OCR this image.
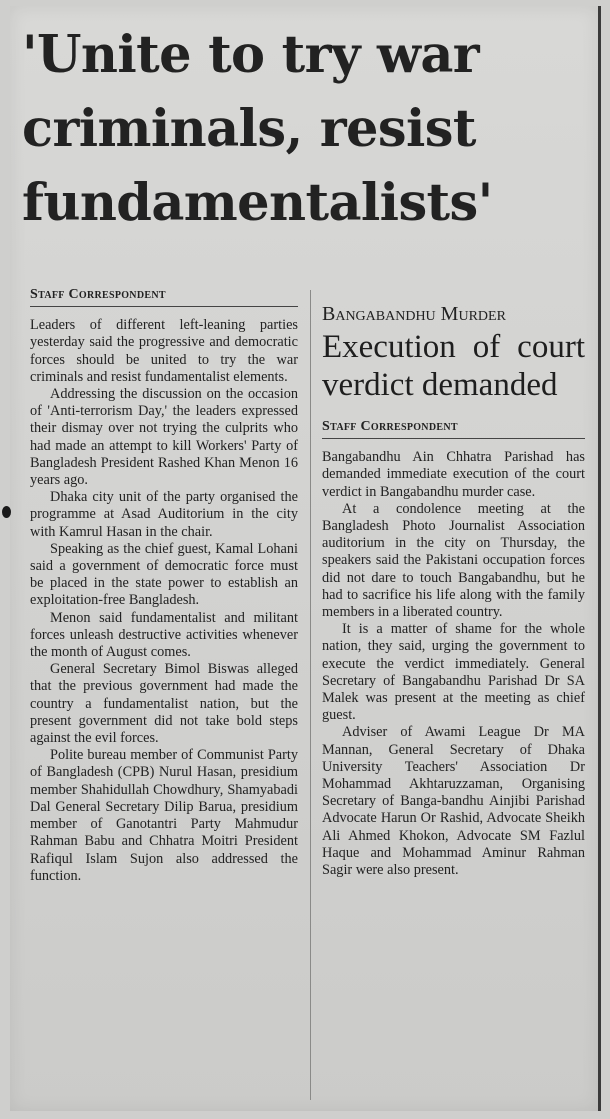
'Unite to try war criminals, resist fundamentalists'
Staff Correspondent

Leaders of different left-leaning parties yesterday said the progressive and democratic forces should be united to try the war criminals and resist fundamentalist elements.

Addressing the discussion on the occasion of 'Anti-terrorism Day,' the leaders expressed their dismay over not trying the culprits who had made an attempt to kill Workers' Party of Bangladesh President Rashed Khan Menon 16 years ago.

Dhaka city unit of the party organised the programme at Asad Auditorium in the city with Kamrul Hasan in the chair.

Speaking as the chief guest, Kamal Lohani said a government of democratic force must be placed in the state power to establish an exploitation-free Bangladesh.

Menon said fundamentalist and militant forces unleash destructive activities whenever the month of August comes.

General Secretary Bimol Biswas alleged that the previous government had made the country a fundamentalist nation, but the present government did not take bold steps against the evil forces.

Polite bureau member of Communist Party of Bangladesh (CPB) Nurul Hasan, presidium member Shahidullah Chowdhury, Shamyabadi Dal General Secretary Dilip Barua, presidium member of Ganotantri Party Mahmudur Rahman Babu and Chhatra Moitri President Rafiqul Islam Sujon also addressed the function.

Bangabandhu Murder
Execution of court verdict demanded
Staff Correspondent

Bangabandhu Ain Chhatra Parishad has demanded immediate execution of the court verdict in Bangabandhu murder case.

At a condolence meeting at the Bangladesh Photo Journalist Association auditorium in the city on Thursday, the speakers said the Pakistani occupation forces did not dare to touch Bangabandhu, but he had to sacrifice his life along with the family members in a liberated country.

It is a matter of shame for the whole nation, they said, urging the government to execute the verdict immediately. General Secretary of Bangabandhu Parishad Dr SA Malek was present at the meeting as chief guest.

Adviser of Awami League Dr MA Mannan, General Secretary of Dhaka University Teachers' Association Dr Mohammad Akhtaruzzaman, Organising Secretary of Banga-bandhu Ainjibi Parishad Advocate Harun Or Rashid, Advocate Sheikh Ali Ahmed Khokon, Advocate SM Fazlul Haque and Mohammad Aminur Rahman Sagir were also present.
